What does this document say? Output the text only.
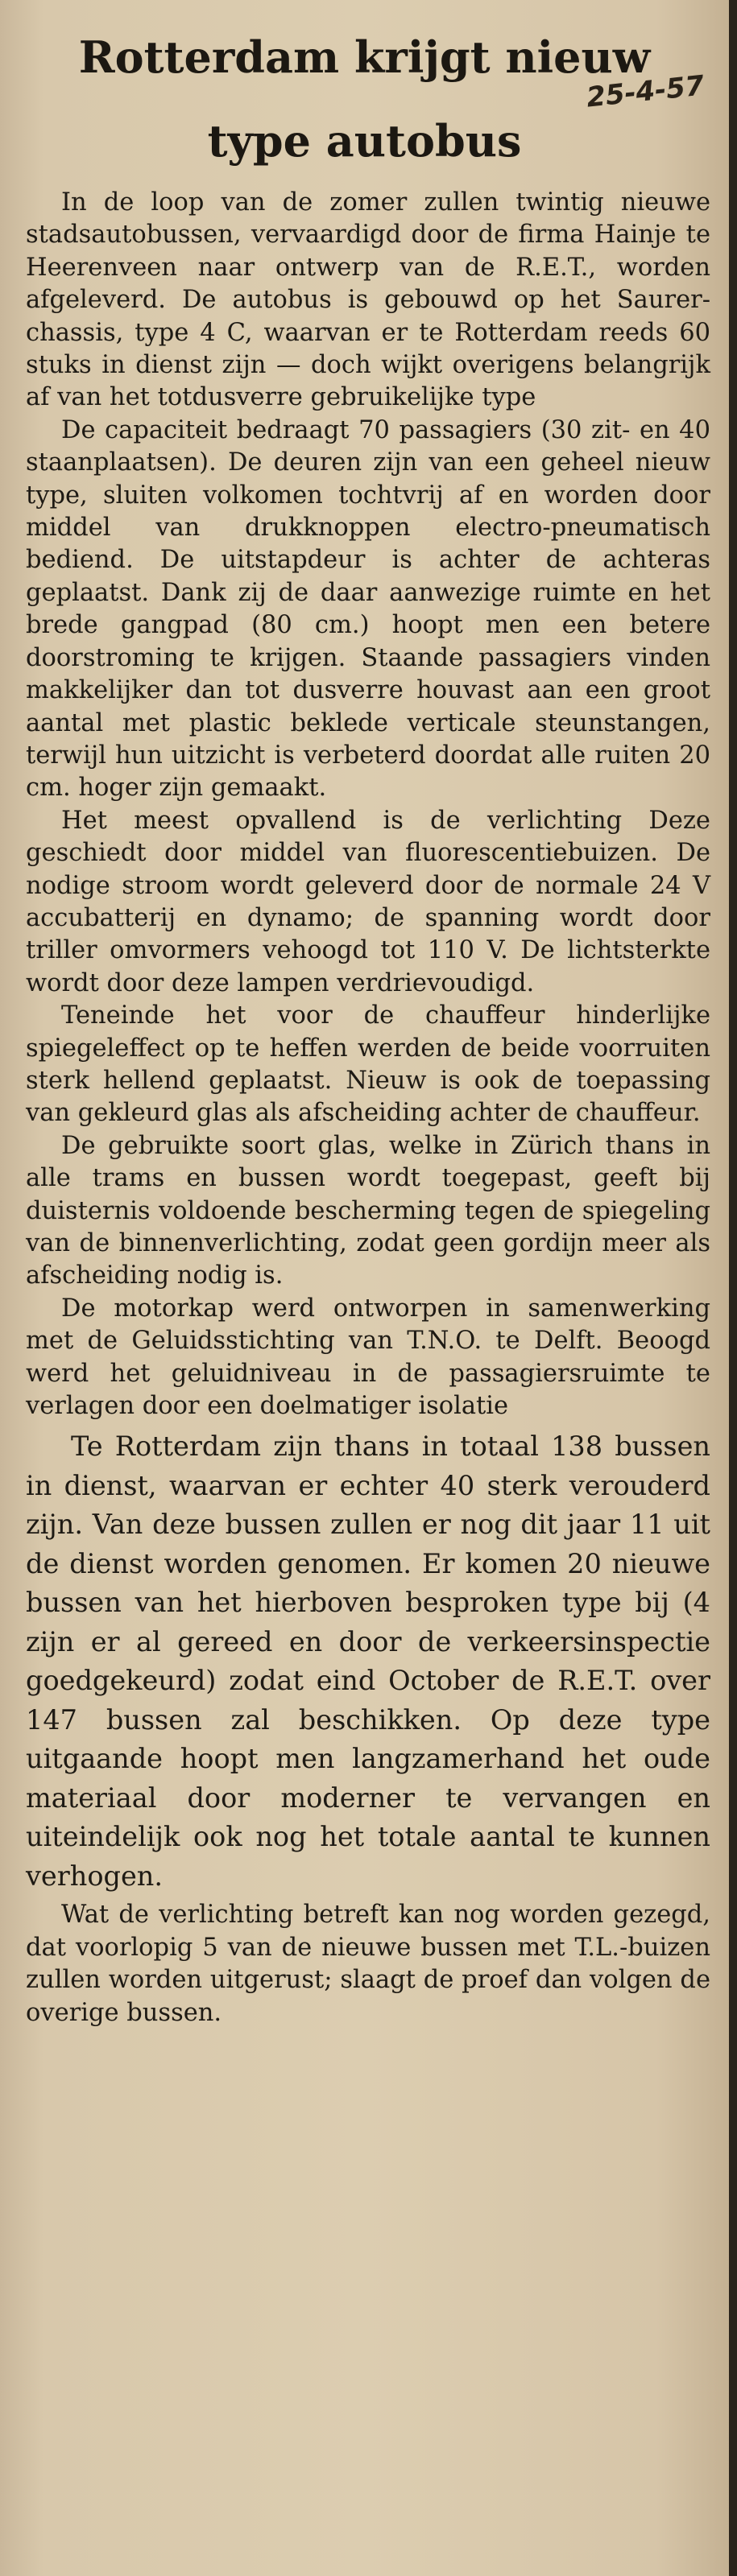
Rotterdam krijgt nieuw
type autobus
25-4-57

In de loop van de zomer zullen twintig nieuwe stadsautobussen, vervaardigd door de firma Hainje te Heerenveen naar ontwerp van de R.E.T., worden afgeleverd. De autobus is gebouwd op het Saurer-chassis, type 4 C, waarvan er te Rotterdam reeds 60 stuks in dienst zijn — doch wijkt overigens belangrijk af van het totdusverre gebruikelijke type

De capaciteit bedraagt 70 passagiers (30 zit- en 40 staanplaatsen). De deuren zijn van een geheel nieuw type, sluiten volkomen tochtvrij af en worden door middel van drukknoppen electro-pneumatisch bediend. De uitstapdeur is achter de achteras geplaatst. Dank zij de daar aanwezige ruimte en het brede gangpad (80 cm.) hoopt men een betere doorstroming te krijgen. Staande passagiers vinden makkelijker dan tot dusverre houvast aan een groot aantal met plastic beklede verticale steunstangen, terwijl hun uitzicht is verbeterd doordat alle ruiten 20 cm. hoger zijn gemaakt.

Het meest opvallend is de verlichting Deze geschiedt door middel van fluorescentiebuizen. De nodige stroom wordt geleverd door de normale 24 V accubatterij en dynamo; de spanning wordt door triller omvormers vehoogd tot 110 V. De lichtsterkte wordt door deze lampen verdrievoudigd.

Teneinde het voor de chauffeur hinderlijke spiegeleffect op te heffen werden de beide voorruiten sterk hellend geplaatst. Nieuw is ook de toepassing van gekleurd glas als afscheiding achter de chauffeur.

De gebruikte soort glas, welke in Zürich thans in alle trams en bussen wordt toegepast, geeft bij duisternis voldoende bescherming tegen de spiegeling van de binnenverlichting, zodat geen gordijn meer als afscheiding nodig is.

De motorkap werd ontworpen in samenwerking met de Geluidsstichting van T.N.O. te Delft. Beoogd werd het geluidniveau in de passagiersruimte te verlagen door een doelmatiger isolatie

Te Rotterdam zijn thans in totaal 138 bussen in dienst, waarvan er echter 40 sterk verouderd zijn. Van deze bussen zullen er nog dit jaar 11 uit de dienst worden genomen. Er komen 20 nieuwe bussen van het hierboven besproken type bij (4 zijn er al gereed en door de verkeersinspectie goedgekeurd) zodat eind October de R.E.T. over 147 bussen zal beschikken. Op deze type uitgaande hoopt men langzamerhand het oude materiaal door moderner te vervangen en uiteindelijk ook nog het totale aantal te kunnen verhogen.

Wat de verlichting betreft kan nog worden gezegd, dat voorlopig 5 van de nieuwe bussen met T.L.-buizen zullen worden uitgerust; slaagt de proef dan volgen de overige bussen.
